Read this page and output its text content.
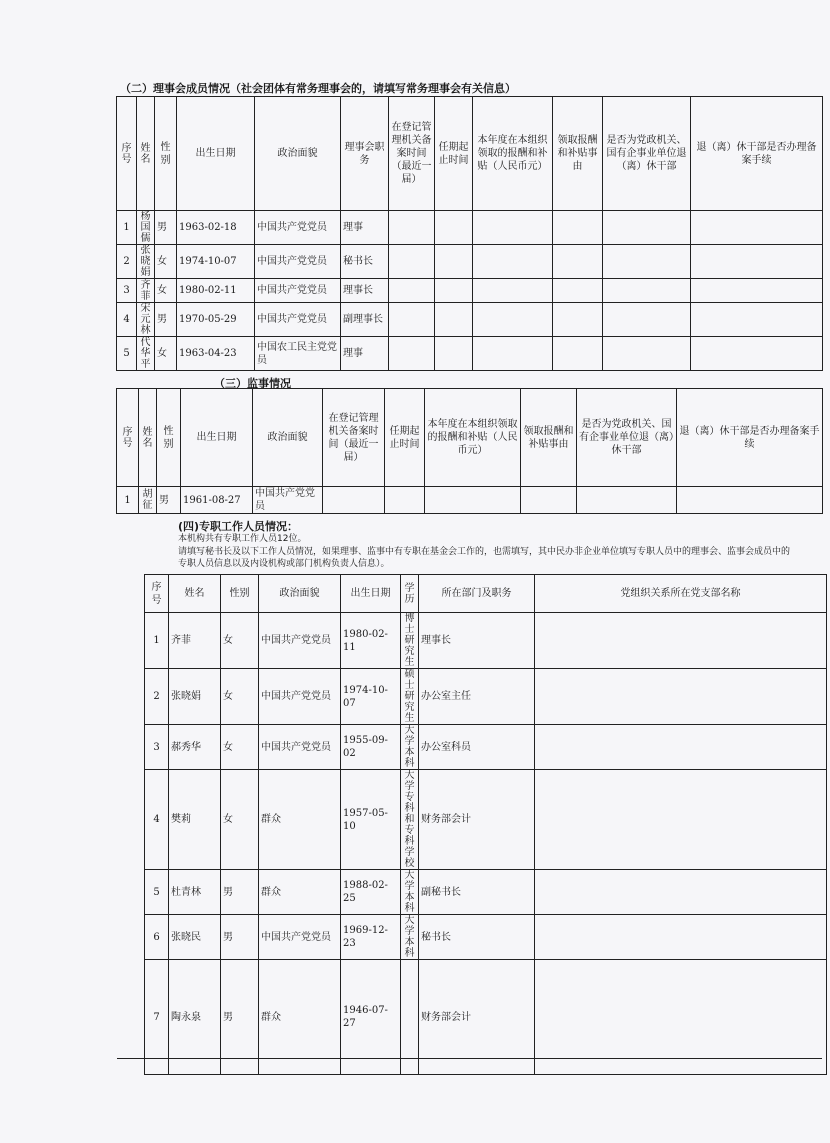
（二）理事会成员情况（社会团体有常务理事会的，请填写常务理事会有关信息）
序号	姓名	性别	出生日期	政治面貌	理事会职务	在登记管理机关备案时间（最近一届）	任期起止时间	本年度在本组织领取的报酬和补贴（人民币元）	领取报酬和补贴事由	是否为党政机关、国有企事业单位退（离）休干部	退（离）休干部是否办理备案手续
1	杨国儒	男	1963-02-18	中国共产党党员	理事						
2	张晓娟	女	1974-10-07	中国共产党党员	秘书长						
3	齐菲	女	1980-02-11	中国共产党党员	理事长						
4	宋元林	男	1970-05-29	中国共产党党员	副理事长						
5	代华平	女	1963-04-23	中国农工民主党党员	理事						
（三）监事情况
序号	姓名	性别	出生日期	政治面貌	在登记管理机关备案时间（最近一届）	任期起止时间	本年度在本组织领取的报酬和补贴（人民币元）	领取报酬和补贴事由	是否为党政机关、国有企事业单位退（离）休干部	退（离）休干部是否办理备案手续
1	胡征	男	1961-08-27	中国共产党党员						
(四)专职工作人员情况：
本机构共有专职工作人员12位。
请填写秘书长及以下工作人员情况，如果理事、监事中有专职在基金会工作的，也需填写，其中民办非企业单位填写专职人员中的理事会、监事会成员中的专职人员信息以及内设机构或部门机构负责人信息）。
序号	姓名	性别	政治面貌	出生日期	学历	所在部门及职务	党组织关系所在党支部名称
1	齐菲	女	中国共产党党员	1980-02-11	博士研究生	理事长	
2	张晓娟	女	中国共产党党员	1974-10-07	硕士研究生	办公室主任	
3	郝秀华	女	中国共产党党员	1955-09-02	大学本科	办公室科员	
4	樊莉	女	群众	1957-05-10	大学专科和专科学校	财务部会计	
5	杜青林	男	群众	1988-02-25	大学本科	副秘书长	
6	张晓民	男	中国共产党党员	1969-12-23	大学本科	秘书长	
7	陶永泉	男	群众	1946-07-27		财务部会计	
